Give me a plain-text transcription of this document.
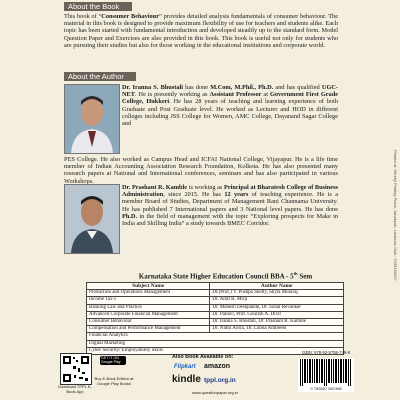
About the Book

This book of “Consumer Behaviour” provides detailed analysis fundamentals of consumer behaviour. The material in this book is designed to provide maximum flexibility of use for teachers and students alike. Each topic has been started with fundamental introduction and developed steadily up to the standard form. Model Question Paper and Exercises are also provided in this book. This book is useful not only for students who are pursuing their studies but also for those working in the educational institutions and corporate world.

About the Author

Dr. Iranna S. Bhustali has done M.Com, M.Phil., Ph.D. and has qualified UGC-NET. He is presently working as Assistant Professor at Government First Grade College, Hukkeri. He has 28 years of teaching and learning experience of both Graduate and Post Graduate level. He worked as Lecturer and HOD in different colleges including JSS College for Women, AMC College, Dayanand Sagar College and

PES College. He also worked as Campus Head and ICFAI National College, Vijayapur. He is a life time member of Indian Accounting Association Research Foundation, Kolkota. He has also presented many research papers at National and International conferences, seminars and has also participated in various Workshops.

Dr. Prashant R. Kamble is working as Principal at Bharatesh College of Business Administration, since 2015. He has 12 years of teaching experience. He is a member Board of Studies, Department of Management Rani Channama University. He has published 7 International papers and 3 National level papers. He has done Ph.D. in the field of management with the topic “Exploring prospects for Make in India and Skilling India” a study towards BMEC Corridor.	Printed at: Shreeji Printing Press, Janakpuri, Lucknow, Mob.: 9335190637
Karnataka State Higher Education Council BBA - 5th Sem
Subject Name	Author Name
Production and Operations Management	Dr.(Prof.) V. Pushpa Shetty, Shyla Muniraj
Income Tax-I	Dr. Amit B. Mirji
Banking Law and Practice	Dr. Mahesh Deshpande, Dr. Sonal Revanker
Advanced Corporate Financial Management	Dr. Pallavi, Prof. Gourish A. Dixit
Consumer Behaviour	Dr. Iranna S. Bhustali, Dr. Prashant R. Kamble
Compensation and Performance Management	Dr. Nidhi Arora, Dr. Lubna Ambreen
Financial Analytics	
Digital Marketing	
Cyber Security/ Employability Skills	
Download TPPL E-Book App
GET IT ON Google Play
Buy E-Book Edition at Google Play Books
Also Book Available on:
Flipkart amazon
kindle tppl.org.in
www.questionpaper.org.in
ISBN: 978-93-5758-749-8
9 789357 587498
